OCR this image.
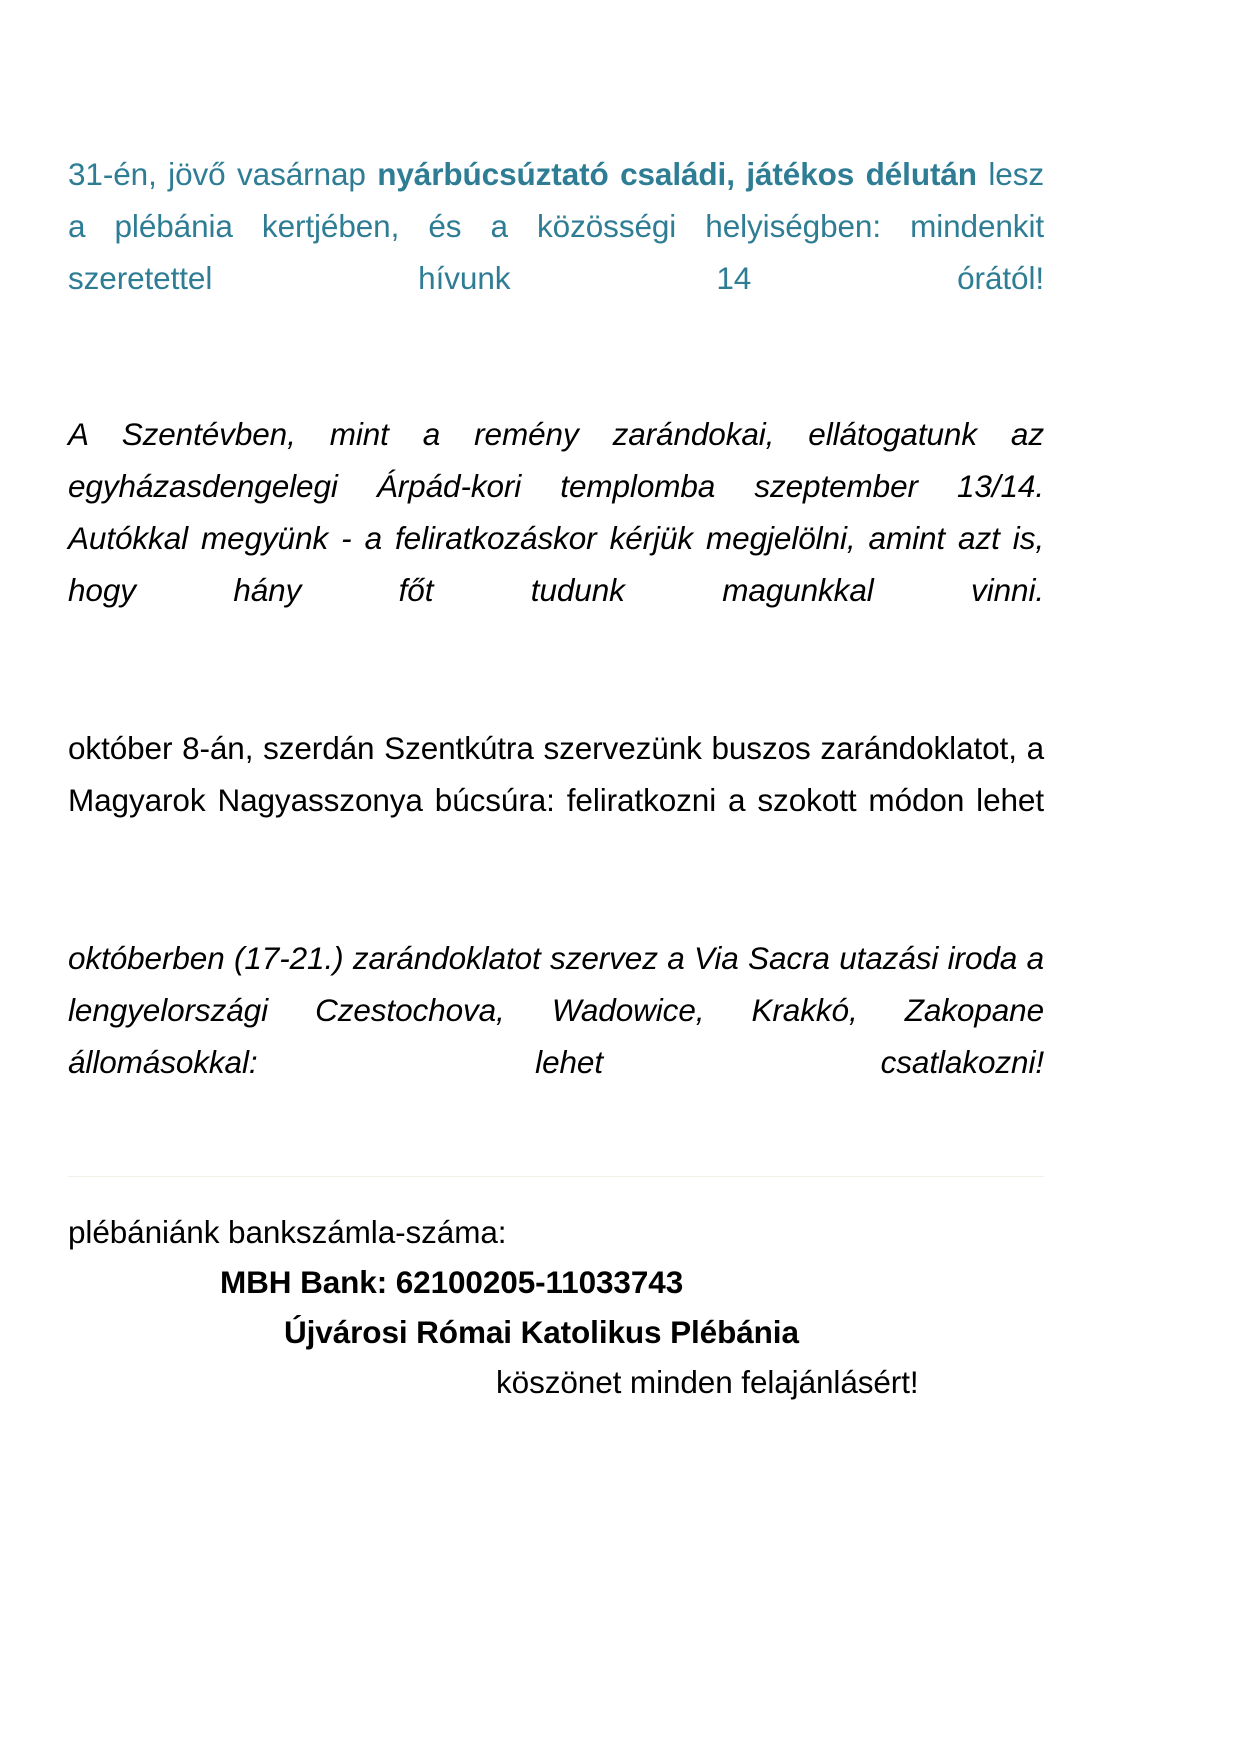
31-én, jövő vasárnap nyárbúcsúztató családi, játékos délután lesz a plébánia kertjében, és a közösségi helyiségben: mindenkit szeretettel hívunk 14 órától!

A Szentévben, mint a remény zarándokai, ellátogatunk az egyházasdengelegi Árpád-kori templomba szeptember 13/14. Autókkal megyünk - a feliratkozáskor kérjük megjelölni, amint azt is, hogy hány főt tudunk magunkkal vinni.

október 8-án, szerdán Szentkútra szervezünk buszos zarándoklatot, a Magyarok Nagyasszonya búcsúra: feliratkozni a szokott módon lehet

októberben (17-21.) zarándoklatot szervez a Via Sacra utazási iroda a lengyelországi Czestochova, Wadowice, Krakkó, Zakopane állomásokkal: lehet csatlakozni!

plébániánk bankszámla-száma:

MBH Bank: 62100205-11033743

Újvárosi Római Katolikus Plébánia

köszönet minden felajánlásért!
